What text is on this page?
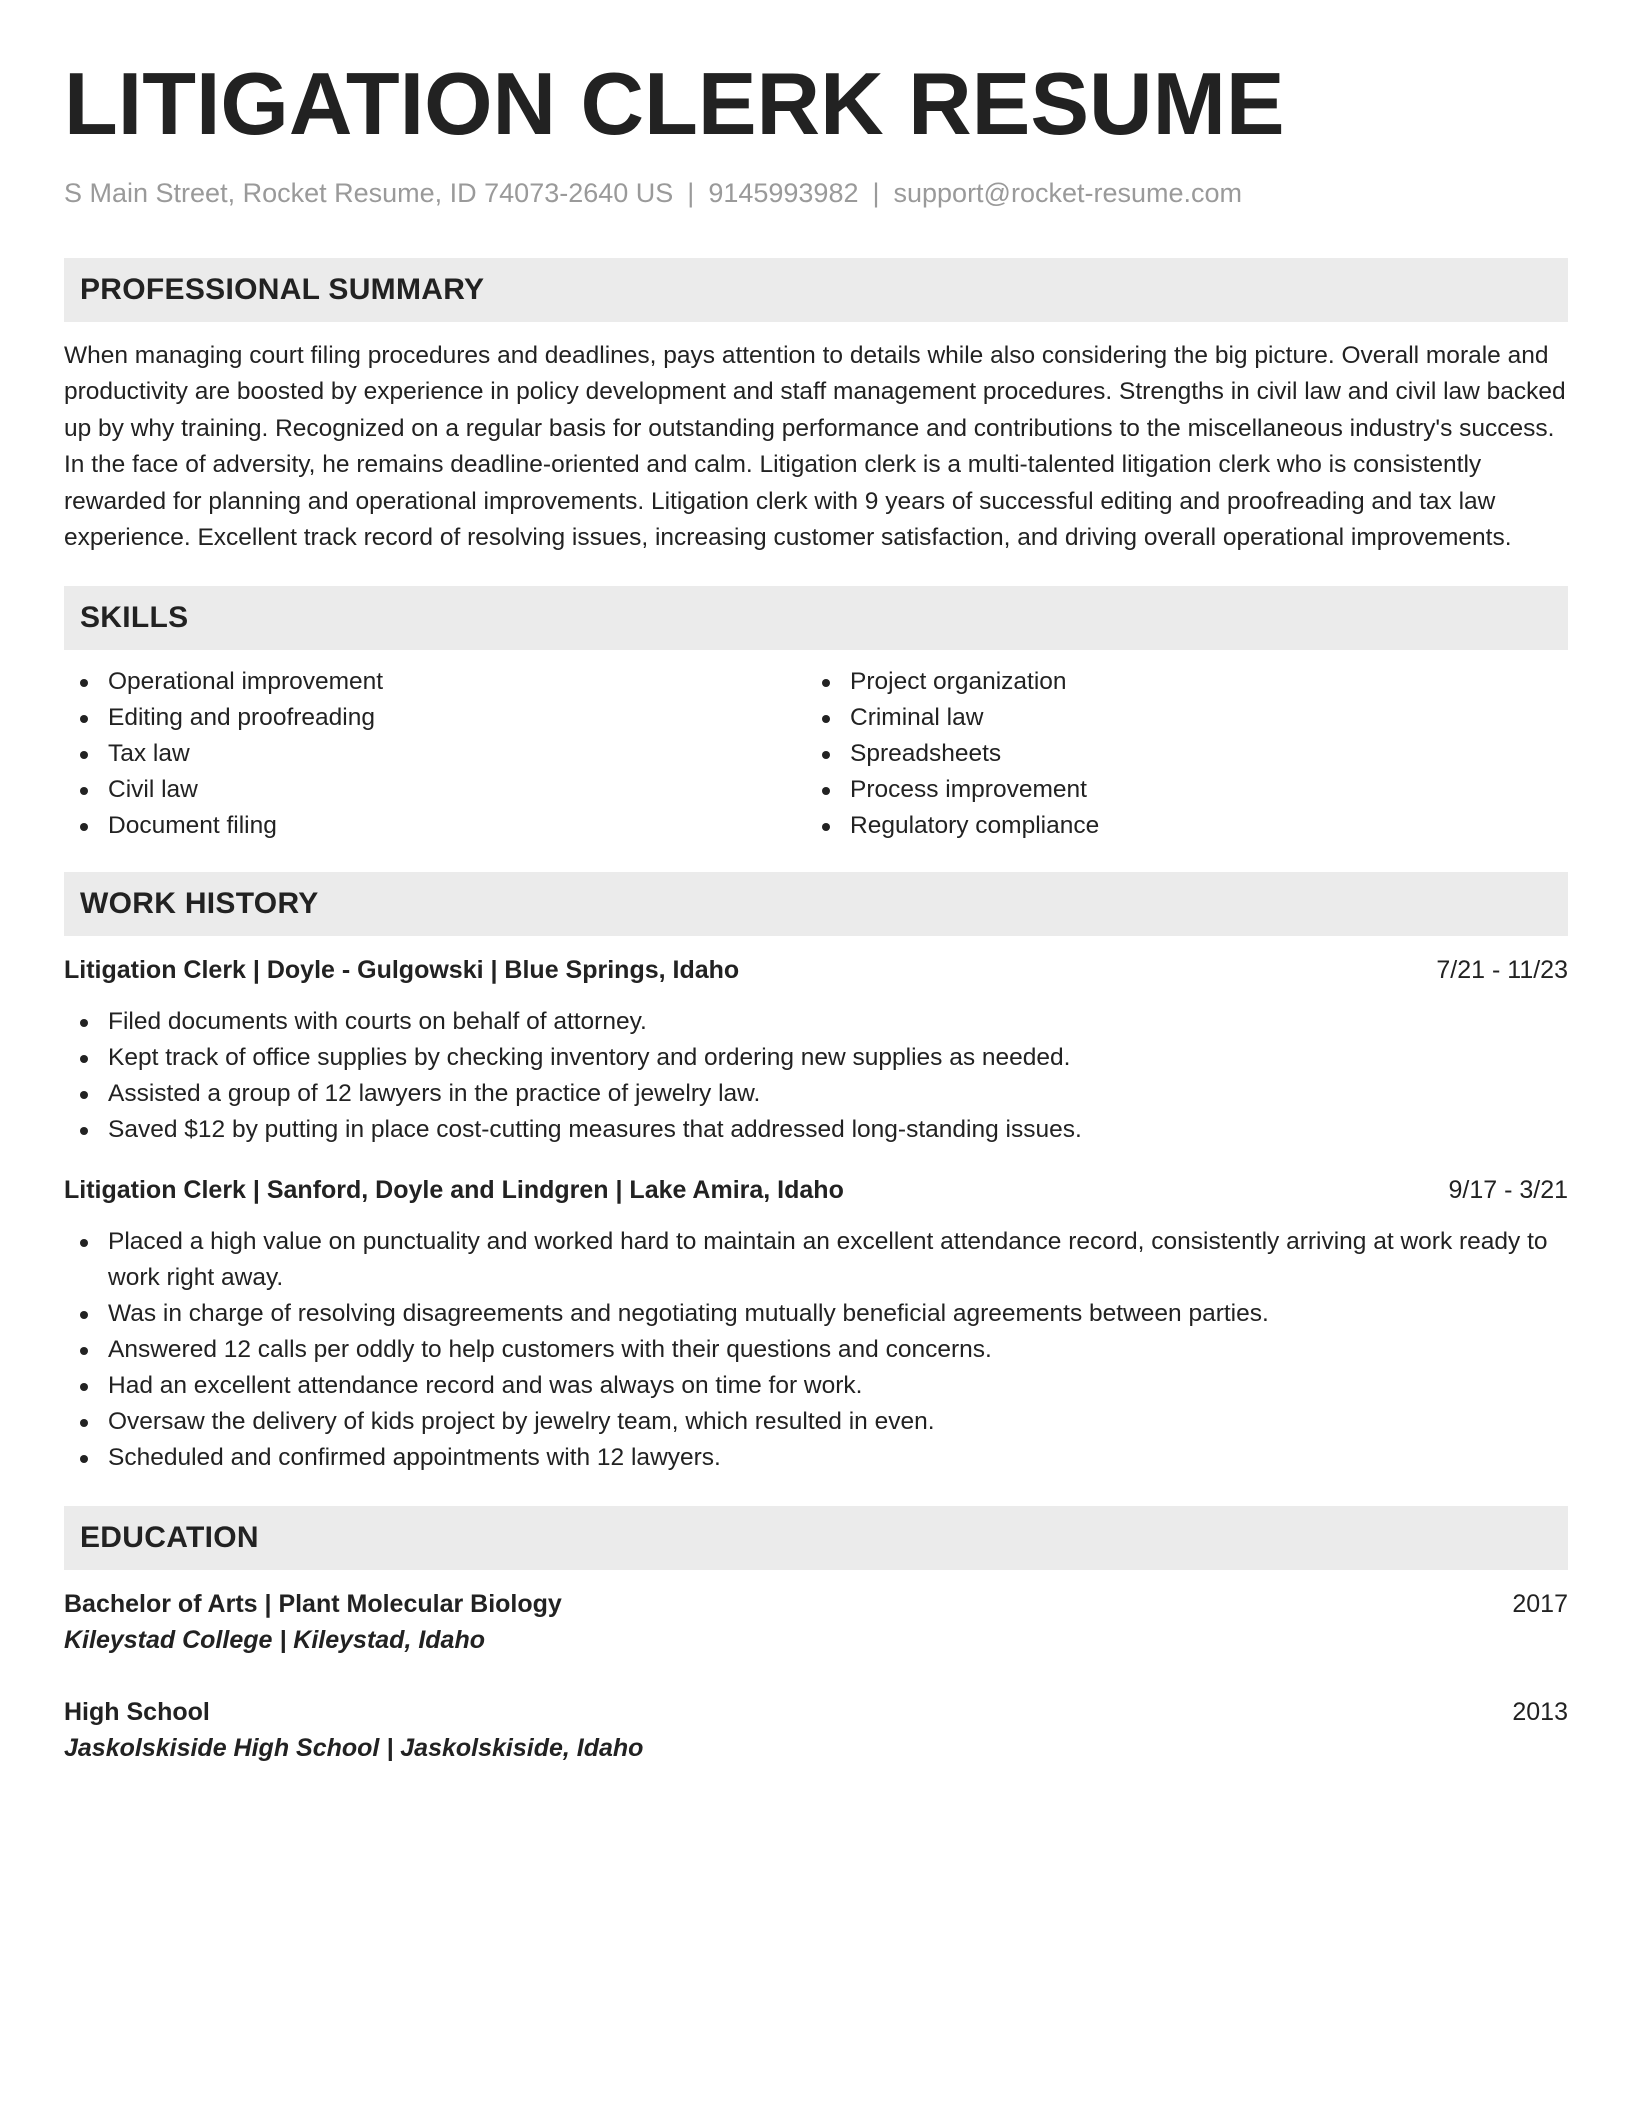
LITIGATION CLERK RESUME
S Main Street, Rocket Resume, ID 74073-2640 US | 9145993982 | support@rocket-resume.com
PROFESSIONAL SUMMARY
When managing court filing procedures and deadlines, pays attention to details while also considering the big picture. Overall morale and productivity are boosted by experience in policy development and staff management procedures. Strengths in civil law and civil law backed up by why training. Recognized on a regular basis for outstanding performance and contributions to the miscellaneous industry's success. In the face of adversity, he remains deadline-oriented and calm. Litigation clerk is a multi-talented litigation clerk who is consistently rewarded for planning and operational improvements. Litigation clerk with 9 years of successful editing and proofreading and tax law experience. Excellent track record of resolving issues, increasing customer satisfaction, and driving overall operational improvements.
SKILLS
Operational improvement
Editing and proofreading
Tax law
Civil law
Document filing
Project organization
Criminal law
Spreadsheets
Process improvement
Regulatory compliance
WORK HISTORY
Litigation Clerk | Doyle - Gulgowski | Blue Springs, Idaho	7/21 - 11/23
Filed documents with courts on behalf of attorney.
Kept track of office supplies by checking inventory and ordering new supplies as needed.
Assisted a group of 12 lawyers in the practice of jewelry law.
Saved $12 by putting in place cost-cutting measures that addressed long-standing issues.
Litigation Clerk | Sanford, Doyle and Lindgren | Lake Amira, Idaho	9/17 - 3/21
Placed a high value on punctuality and worked hard to maintain an excellent attendance record, consistently arriving at work ready to work right away.
Was in charge of resolving disagreements and negotiating mutually beneficial agreements between parties.
Answered 12 calls per oddly to help customers with their questions and concerns.
Had an excellent attendance record and was always on time for work.
Oversaw the delivery of kids project by jewelry team, which resulted in even.
Scheduled and confirmed appointments with 12 lawyers.
EDUCATION
Bachelor of Arts | Plant Molecular Biology	2017
Kileystad College | Kileystad, Idaho
High School	2013
Jaskolskiside High School | Jaskolskiside, Idaho
